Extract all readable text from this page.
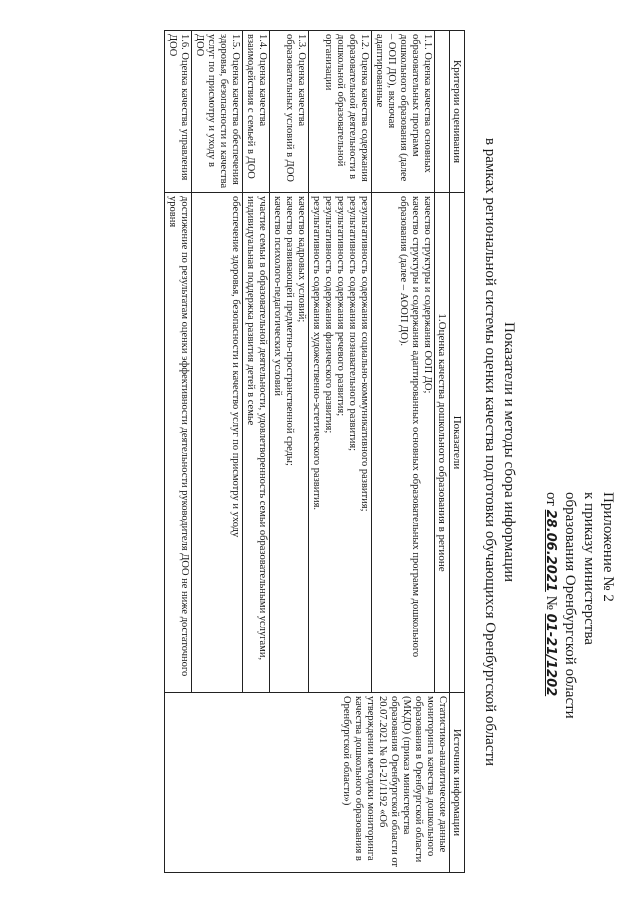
Приложение № 2
к приказу министерства
образования Оренбургской области
от 28.06.2021 № 01-21/1202
Показатели и методы сбора информации
в рамках региональной системы оценки качества подготовки обучающихся Оренбургской области
Критерии оценивания	Показатели	Источник информации
	1.Оценка качества дошкольного образования в регионе	Статистико-аналитические данные мониторинга качества дошкольного образования в Оренбургской области (МКДО) (приказ министерства образования Оренбургской области от 20.07.2021 № 01-21/1192 «Об утверждении методики мониторинга качества дошкольного образования в Оренбургской области»)
1.1. Оценка качества основных образовательных программ дошкольного образования (далее – ООП ДО), включая адаптированные	качество структуры и содержания ООП ДО;
качество структуры и содержания адаптированных основных образовательных программ дошкольного образования (далее – АООП ДО).	

1.2. Оценка качества содержания образовательной деятельности в дошкольной образовательной организации	результативность содержания социально-коммуникативного развития;
результативность содержания познавательного развития;
результативность содержания речевого развития;
результативность содержания физического развития;
результативность содержания художественно-эстетического развития.	

1.3. Оценка качества образовательных условий в ДОО	качество кадровых условий;
качество развивающей предметно-пространственной среды;
качество психолого-педагогических условий	

1.4. Оценка качества взаимодействия с семьей в ДОО	участие семьи в образовательной деятельности, удовлетворенность семьи образовательными услугами, индивидуальная поддержка развития детей в семье	

1.5. Оценка качества обеспечения здоровья, безопасности и качества услуг по присмотру и уходу в ДОО	обеспечение здоровья, безопасности и качество услуг по присмотру и уходу	

1.6. Оценка качества управления ДОО	достижение по результатам оценки эффективности деятельности руководителя ДОО не ниже достаточного уровня	
